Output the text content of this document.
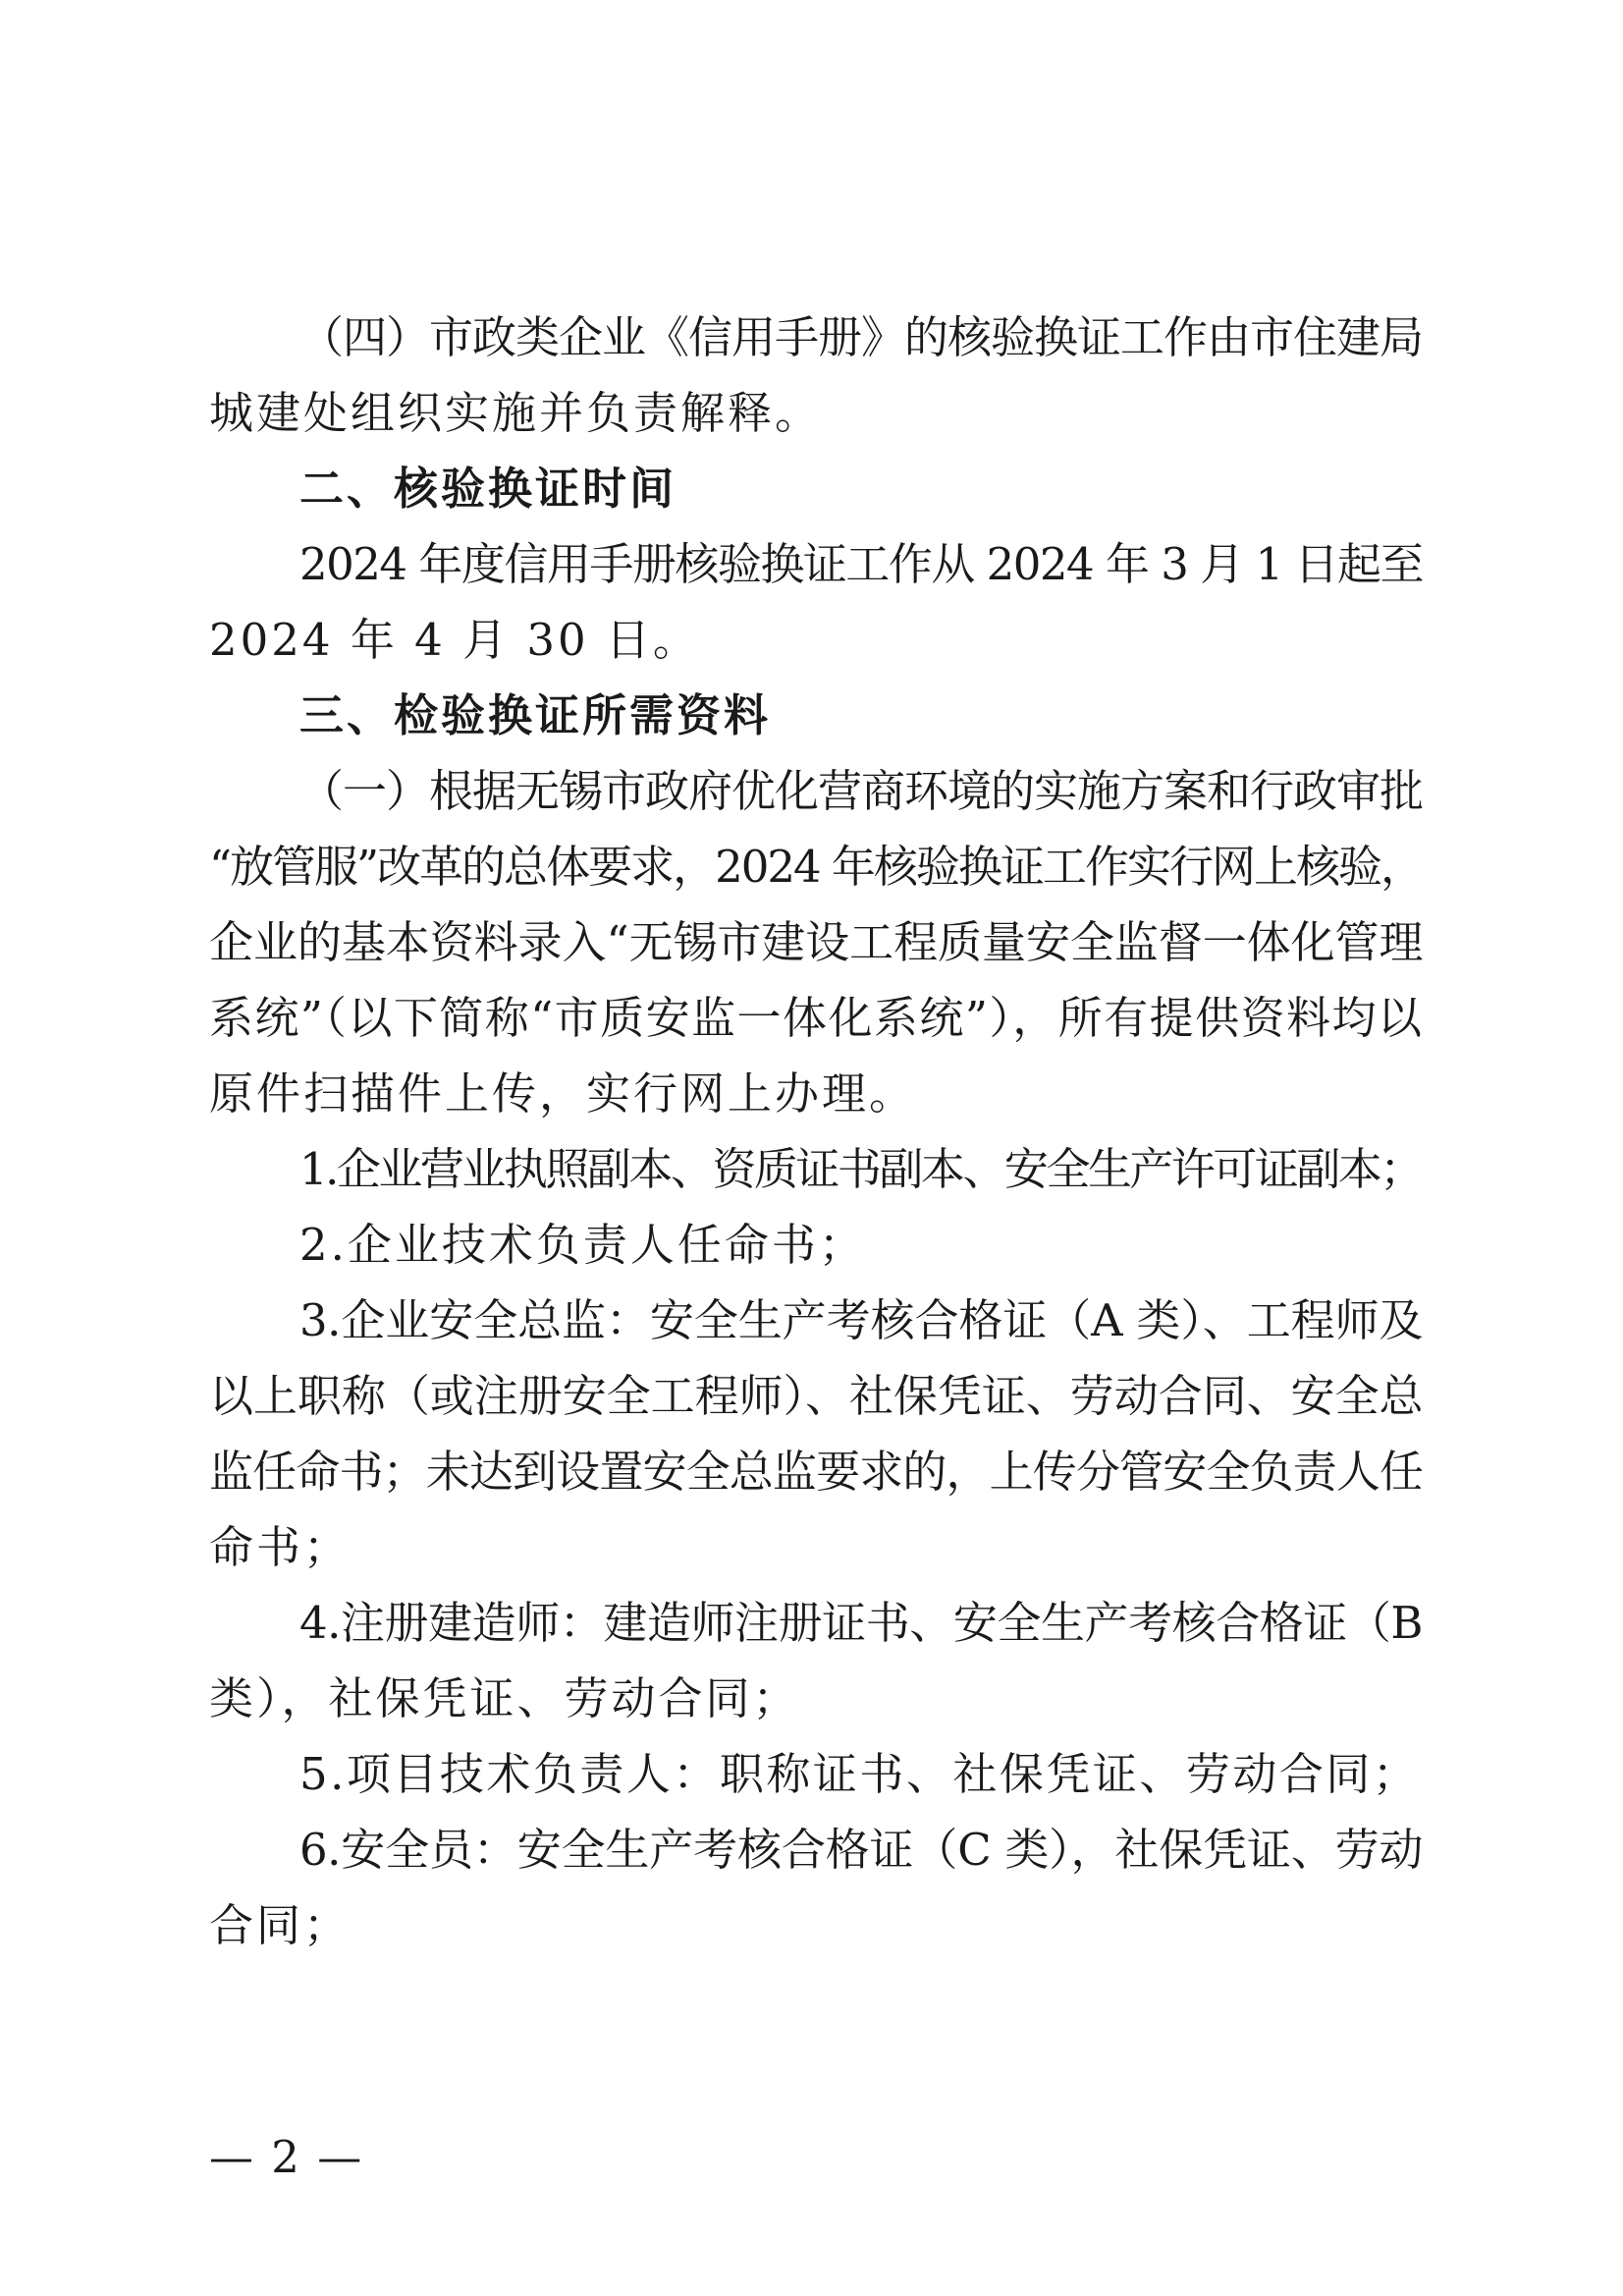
（四）市政类企业《信用手册》的核验换证工作由市住建局
城建处组织实施并负责解释。
二、核验换证时间
2024 年度信用手册核验换证工作从 2024 年 3 月 1 日起至
2024 年 4 月 30 日。
三、检验换证所需资料
（一）根据无锡市政府优化营商环境的实施方案和行政审批
“放管服”改革的总体要求，2024 年核验换证工作实行网上核验，
企业的基本资料录入“无锡市建设工程质量安全监督一体化管理
系统”（以下简称“市质安监一体化系统”），所有提供资料均以
原件扫描件上传，实行网上办理。
1.企业营业执照副本、资质证书副本、安全生产许可证副本；
2.企业技术负责人任命书；
3.企业安全总监：安全生产考核合格证（A 类）、工程师及
以上职称（或注册安全工程师）、社保凭证、劳动合同、安全总
监任命书；未达到设置安全总监要求的，上传分管安全负责人任
命书；
4.注册建造师：建造师注册证书、安全生产考核合格证（B
类），社保凭证、劳动合同；
5.项目技术负责人：职称证书、社保凭证、劳动合同；
6.安全员：安全生产考核合格证（C 类），社保凭证、劳动
合同；
— 2 —
